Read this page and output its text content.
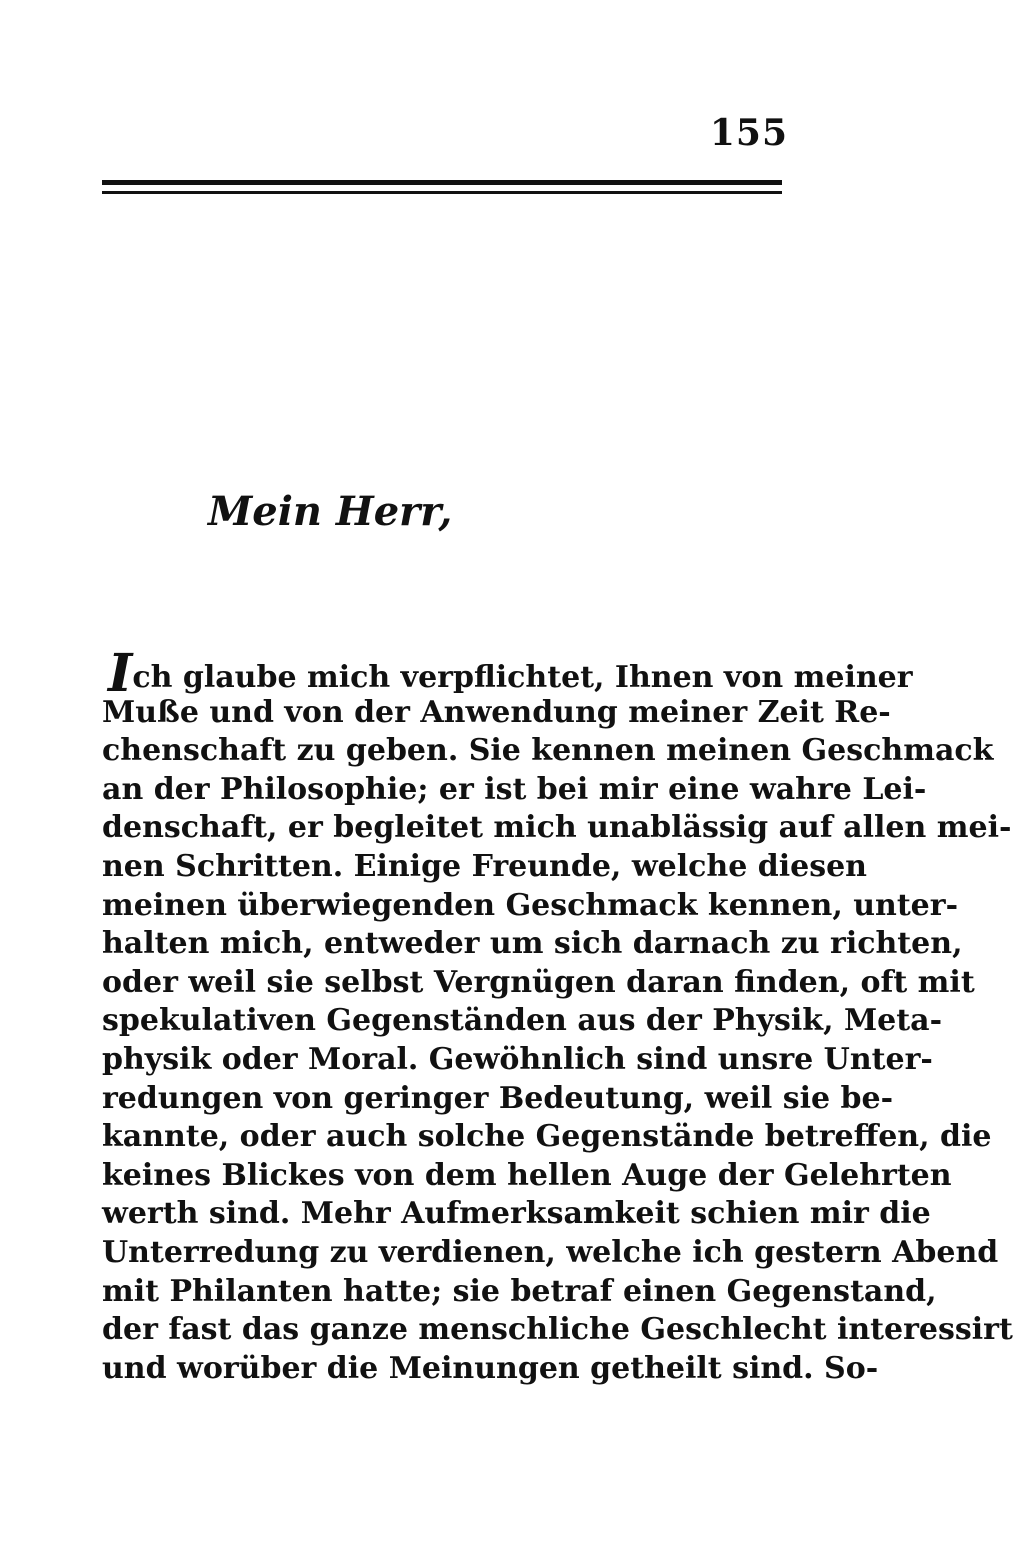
155
Mein Herr,
Ich glaube mich verpflichtet, Ihnen von meiner
Muße und von der Anwendung meiner Zeit Re-
chenschaft zu geben. Sie kennen meinen Geschmack
an der Philosophie; er ist bei mir eine wahre Lei-
denschaft, er begleitet mich unablässig auf allen mei-
nen Schritten. Einige Freunde, welche diesen
meinen überwiegenden Geschmack kennen, unter-
halten mich, entweder um sich darnach zu richten,
oder weil sie selbst Vergnügen daran finden, oft mit
spekulativen Gegenständen aus der Physik, Meta-
physik oder Moral. Gewöhnlich sind unsre Unter-
redungen von geringer Bedeutung, weil sie be-
kannte, oder auch solche Gegenstände betreffen, die
keines Blickes von dem hellen Auge der Gelehrten
werth sind. Mehr Aufmerksamkeit schien mir die
Unterredung zu verdienen, welche ich gestern Abend
mit Philanten hatte; sie betraf einen Gegenstand,
der fast das ganze menschliche Geschlecht interessirt
und worüber die Meinungen getheilt sind. So-
